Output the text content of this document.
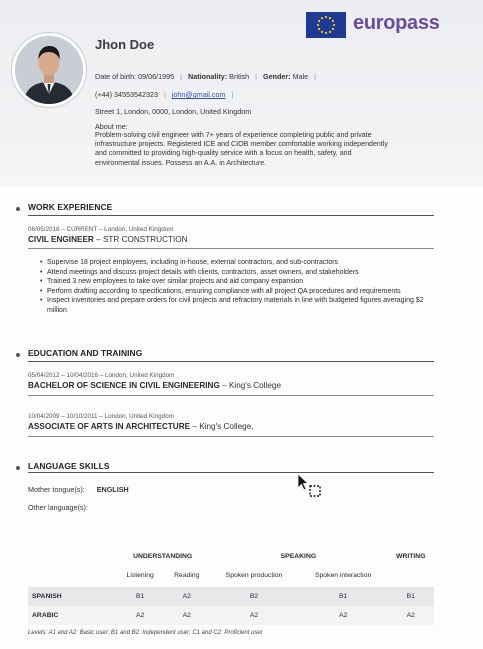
europass
Jhon Doe
Date of birth: 09/06/1995 | Nationality: British | Gender: Male |
(+44) 34553542323 | john@gmail.com |
Street 1, London, 0000, London, United Kingdom
About me:
Problem-solving civil engineer with 7+ years of experience completing public and private infrastructure projects. Registered ICE and CIOB member comfortable working independently and committed to providing high-quality service with a focus on health, safety, and environmental issues. Possess an A.A. in Architecture.
WORK EXPERIENCE
06/05/2018 – CURRENT – London, United Kingdom
CIVIL ENGINEER – STR CONSTRUCTION
• Supervise 18 project employees, including in-house, external contractors, and sub-contractors
• Attend meetings and discuss project details with clients, contractors, asset owners, and stakeholders
• Trained 3 new employees to take over similar projects and aid company expansion
• Perform drafting according to specifications, ensuring compliance with all project QA procedures and requirements
• Inspect inventories and prepare orders for civil projects and refractory materials in line with budgeted figures averaging $2 million
EDUCATION AND TRAINING
05/04/2012 – 10/04/2016 – London, United Kingdom
BACHELOR OF SCIENCE IN CIVIL ENGINEERING – King's College
10/04/2009 – 10/10/2011 – London, United Kingdom
ASSOCIATE OF ARTS IN ARCHITECTURE – King's College,
LANGUAGE SKILLS
Mother tongue(s): ENGLISH
Other language(s):
	UNDERSTANDING		SPEAKING		WRITING
	Listening	Reading	Spoken production	Spoken interaction	
SPANISH	B1	A2	B2	B1	B1
ARABIC	A2	A2	A2	A2	A2
Levels: A1 and A2: Basic user; B1 and B2: Independent user; C1 and C2: Proficient user
